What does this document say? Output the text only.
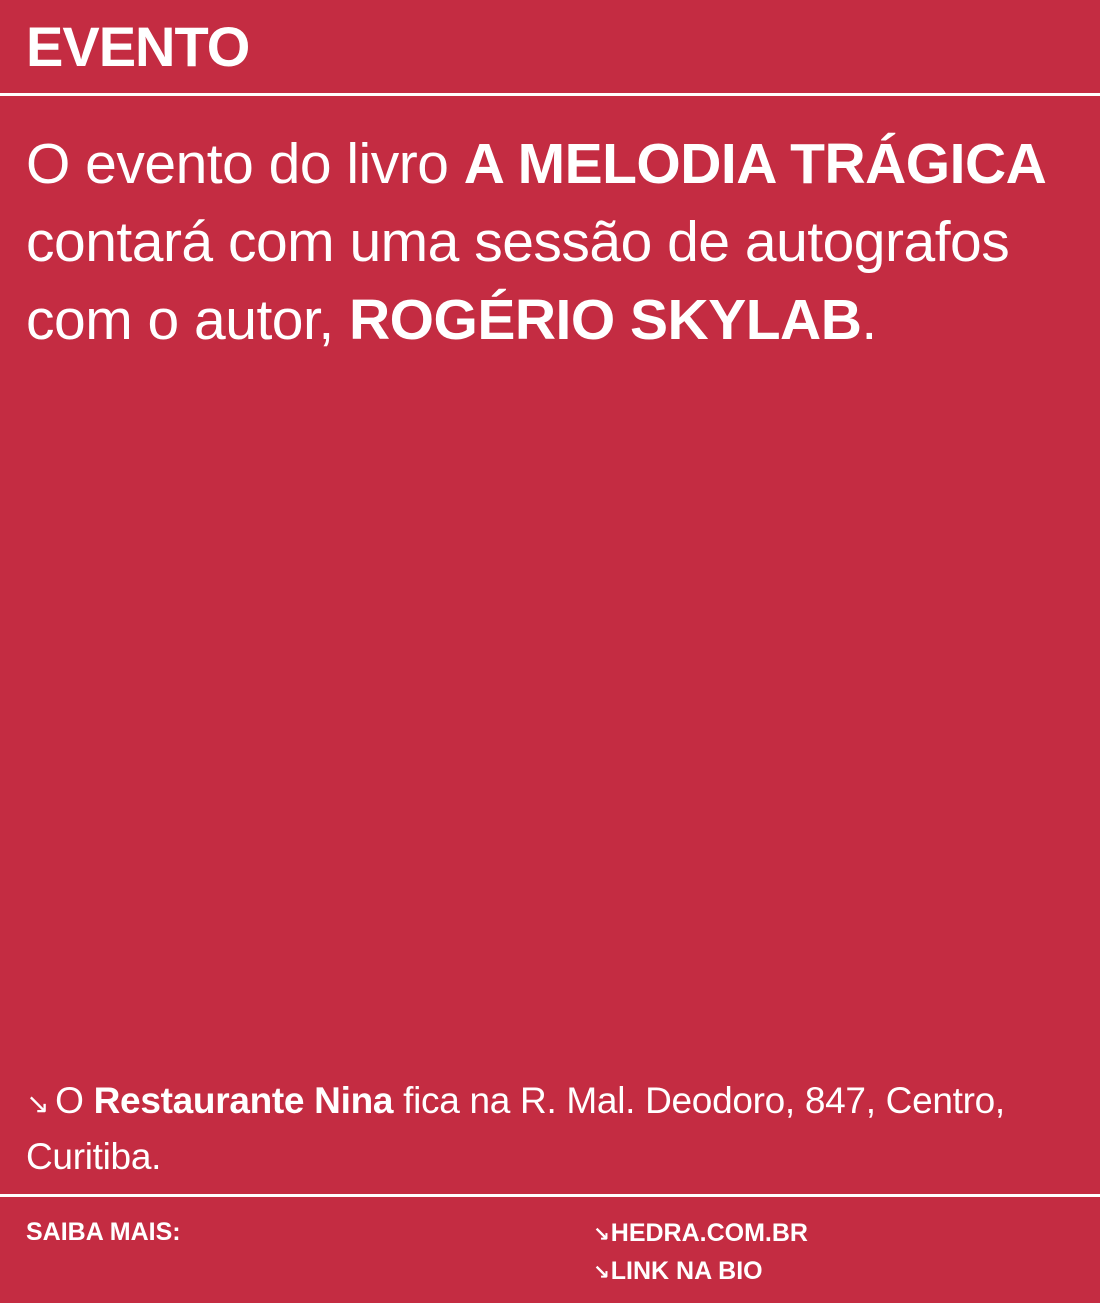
EVENTO
O evento do livro A MELODIA TRÁGICA contará com uma sessão de autografos com o autor, ROGÉRIO SKYLAB.
↘ O Restaurante Nina fica na R. Mal. Deodoro, 847, Centro, Curitiba.
SAIBA MAIS:	↘HEDRA.COM.BR
↘LINK NA BIO
